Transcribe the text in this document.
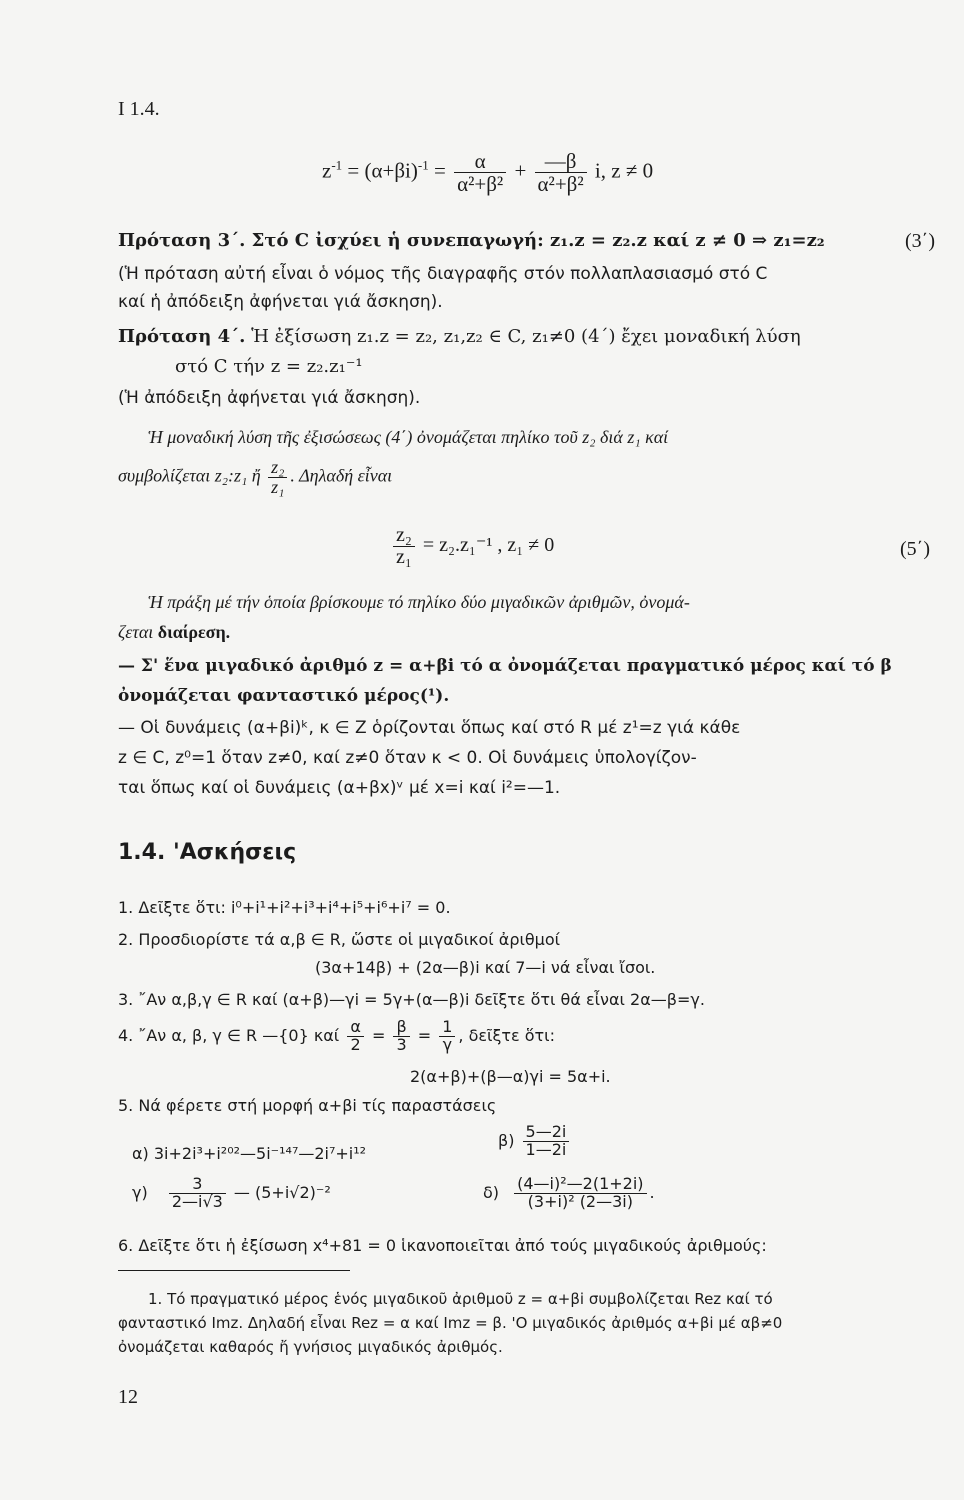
I 1.4.
$z^{-1} = (\alpha+\beta i)^{-1} = \frac{\alpha}{\text{α²+β²}} + \frac{—\beta}{\text{α²+β²}} i$, z ≠ 0
Πρόταση 3΄. Στό C ἰσχύει ἡ συνεπαγωγή: z₁.z = z₂.z καί z ≠ 0 ⇒ z₁=z₂	(3΄)
(Ἡ πρόταση αὐτή εἶναι ὁ νόμος τῆς διαγραφῆς στόν πολλαπλασιασμό στό C
καί ἡ ἀπόδειξη ἀφήνεται γιά ἄσκηση).
Πρόταση 4΄. Ἡ ἐξίσωση z₁.z = z₂, z₁,z₂ ∈ C, z₁≠0 (4΄) ἔχει μοναδική λύση
στό C τήν z = z₂.z₁⁻¹
(Ἡ ἀπόδειξη ἀφήνεται γιά ἄσκηση).
Ἡ μοναδική λύση τῆς ἐξισώσεως (4΄) ὀνομάζεται πηλίκο τοῦ z₂ διά z₁ καί
συμβολίζεται z₂:z₁ ἤ $\frac{\text{z₂}}{\text{z₁}}$ . Δηλαδή εἶναι
$\frac{\text{z₂}}{\text{z₁}} = z_2.z_1^{-1}$ , z₁ ≠ 0	(5΄)
Ἡ πράξη μέ τήν ὁποία βρίσκουμε τό πηλίκο δύο μιγαδικῶν ἀριθμῶν, ὀνομά-
ζεται διαίρεση.
— Σ' ἕνα μιγαδικό ἀριθμό z = α+βi τό α ὀνομάζεται πραγματικό μέρος καί τό β
ὀνομάζεται φανταστικό μέρος(¹).
— Οἱ δυνάμεις (α+βi)ᵏ, κ ∈ Z ὁρίζονται ὅπως καί στό R μέ z¹=z γιά κάθε
z ∈ C, z⁰=1 ὅταν z≠0, καί z≠0 ὅταν κ < 0. Οἱ δυνάμεις ὑπολογίζον-
ται ὅπως καί οἱ δυνάμεις (α+βx)ᵛ μέ x=i καί i²=—1.
1.4. 'Ασκήσεις
1. Δεῖξτε ὅτι: i⁰+i¹+i²+i³+i⁴+i⁵+i⁶+i⁷ = 0.
2. Προσδιορίστε τά α,β ∈ R, ὥστε οἱ μιγαδικοί ἀριθμοί
(3α+14β) + (2α—β)i καί 7—i νά εἶναι ἴσοι.
3. ῎Αν α,β,γ ∈ R καί (α+β)—γi = 5γ+(α—β)i δεῖξτε ὅτι θά εἶναι 2α—β=γ.
4. ῎Αν α, β, γ ∈ R —{0} καί $\frac{\alpha}{2} = \frac{\beta}{3} = \frac{1}{\gamma}$ , δεῖξτε ὅτι:
2(α+β)+(β—α)γi = 5α+i.
5. Νά φέρετε στή μορφή α+βi τίς παραστάσεις
α) 3i+2i³+i²⁰²—5i⁻¹⁴⁷—2i⁷+i¹²
$\beta) \frac{5—2i}{1—2i}$
$\gamma) \frac{3}{2—i√3}$ — (5+i√2)⁻²	$\delta) \frac{\text{(4—i)²—2(1+2i)}}{\text{(3+i)² (2—3i)}}$ .
6. Δεῖξτε ὅτι ἡ ἐξίσωση x⁴+81 = 0 ἱκανοποιεῖται ἀπό τούς μιγαδικούς ἀριθμούς:
1. Τό πραγματικό μέρος ἑνός μιγαδικοῦ ἀριθμοῦ z = α+βi συμβολίζεται Rez καί τό
φανταστικό Imz. Δηλαδή εἶναι Rez = α καί Imz = β. 'Ο μιγαδικός ἀριθμός α+βi μέ αβ≠0
ὀνομάζεται καθαρός ἤ γνήσιος μιγαδικός ἀριθμός.
12
